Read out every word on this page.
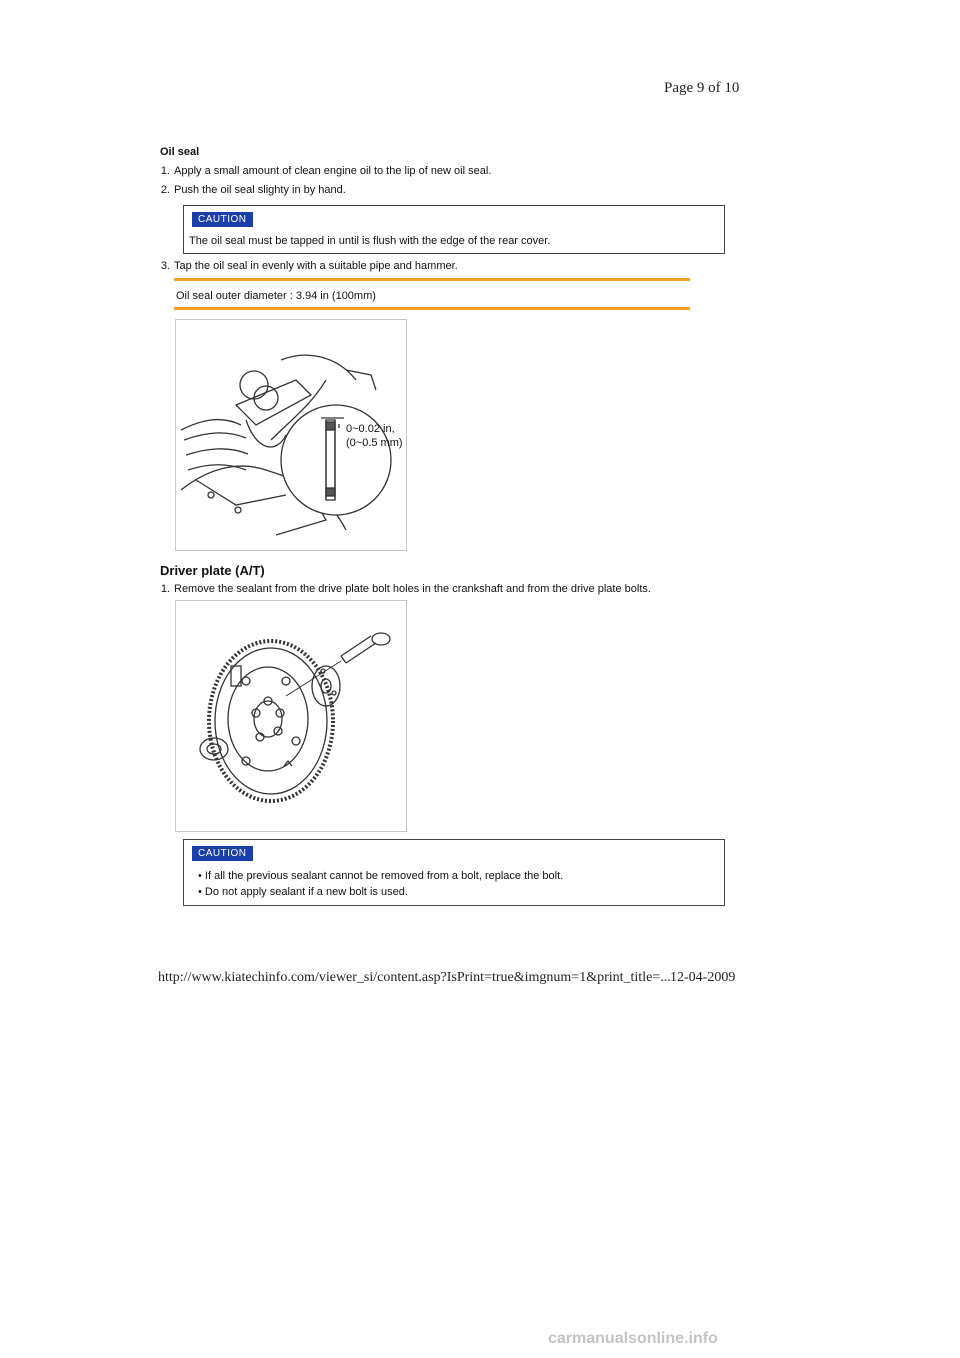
Page 9 of 10
Oil seal
1. Apply a small amount of clean engine oil to the lip of new oil seal.
2. Push the oil seal slighty in by hand.
CAUTION
The oil seal must be tapped in until is flush with the edge of the rear cover.
3. Tap the oil seal in evenly with a suitable pipe and hammer.
Oil seal outer diameter : 3.94 in (100mm)
0~0.02 in,
(0~0.5 mm)
Driver plate (A/T)
1. Remove the sealant from the drive plate bolt holes in the crankshaft and from the drive plate bolts.
CAUTION
• If all the previous sealant cannot be removed from a bolt, replace the bolt.
• Do not apply sealant if a new bolt is used.
http://www.kiatechinfo.com/viewer_si/content.asp?IsPrint=true&imgnum=1&print_title=... 12-04-2009
carmanualsonline.info
